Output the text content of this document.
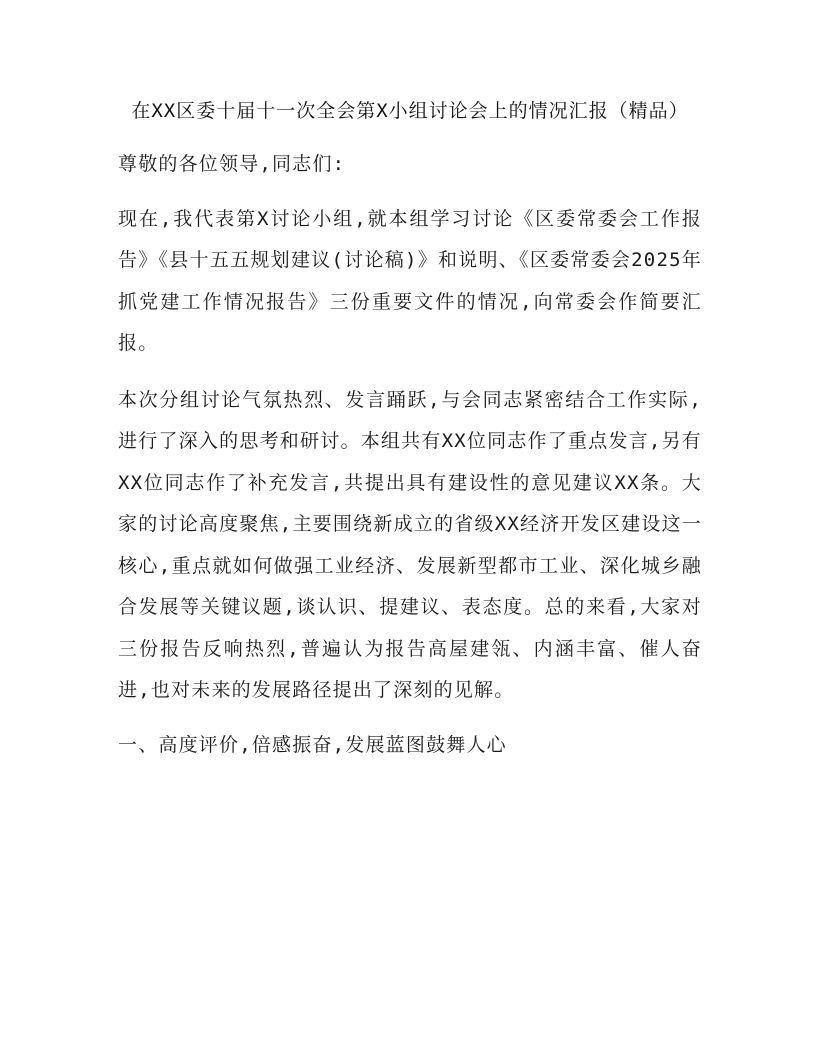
在XX区委十届十一次全会第X小组讨论会上的情况汇报（精品）

尊敬的各位领导,同志们:

现在,我代表第X讨论小组,就本组学习讨论《区委常委会工作报告》《县十五五规划建议(讨论稿)》和说明、《区委常委会2025年抓党建工作情况报告》三份重要文件的情况,向常委会作简要汇报。

本次分组讨论气氛热烈、发言踊跃,与会同志紧密结合工作实际,进行了深入的思考和研讨。本组共有XX位同志作了重点发言,另有XX位同志作了补充发言,共提出具有建设性的意见建议XX条。大家的讨论高度聚焦,主要围绕新成立的省级XX经济开发区建设这一核心,重点就如何做强工业经济、发展新型都市工业、深化城乡融合发展等关键议题,谈认识、提建议、表态度。总的来看,大家对三份报告反响热烈,普遍认为报告高屋建瓴、内涵丰富、催人奋进,也对未来的发展路径提出了深刻的见解。

一、高度评价,倍感振奋,发展蓝图鼓舞人心
